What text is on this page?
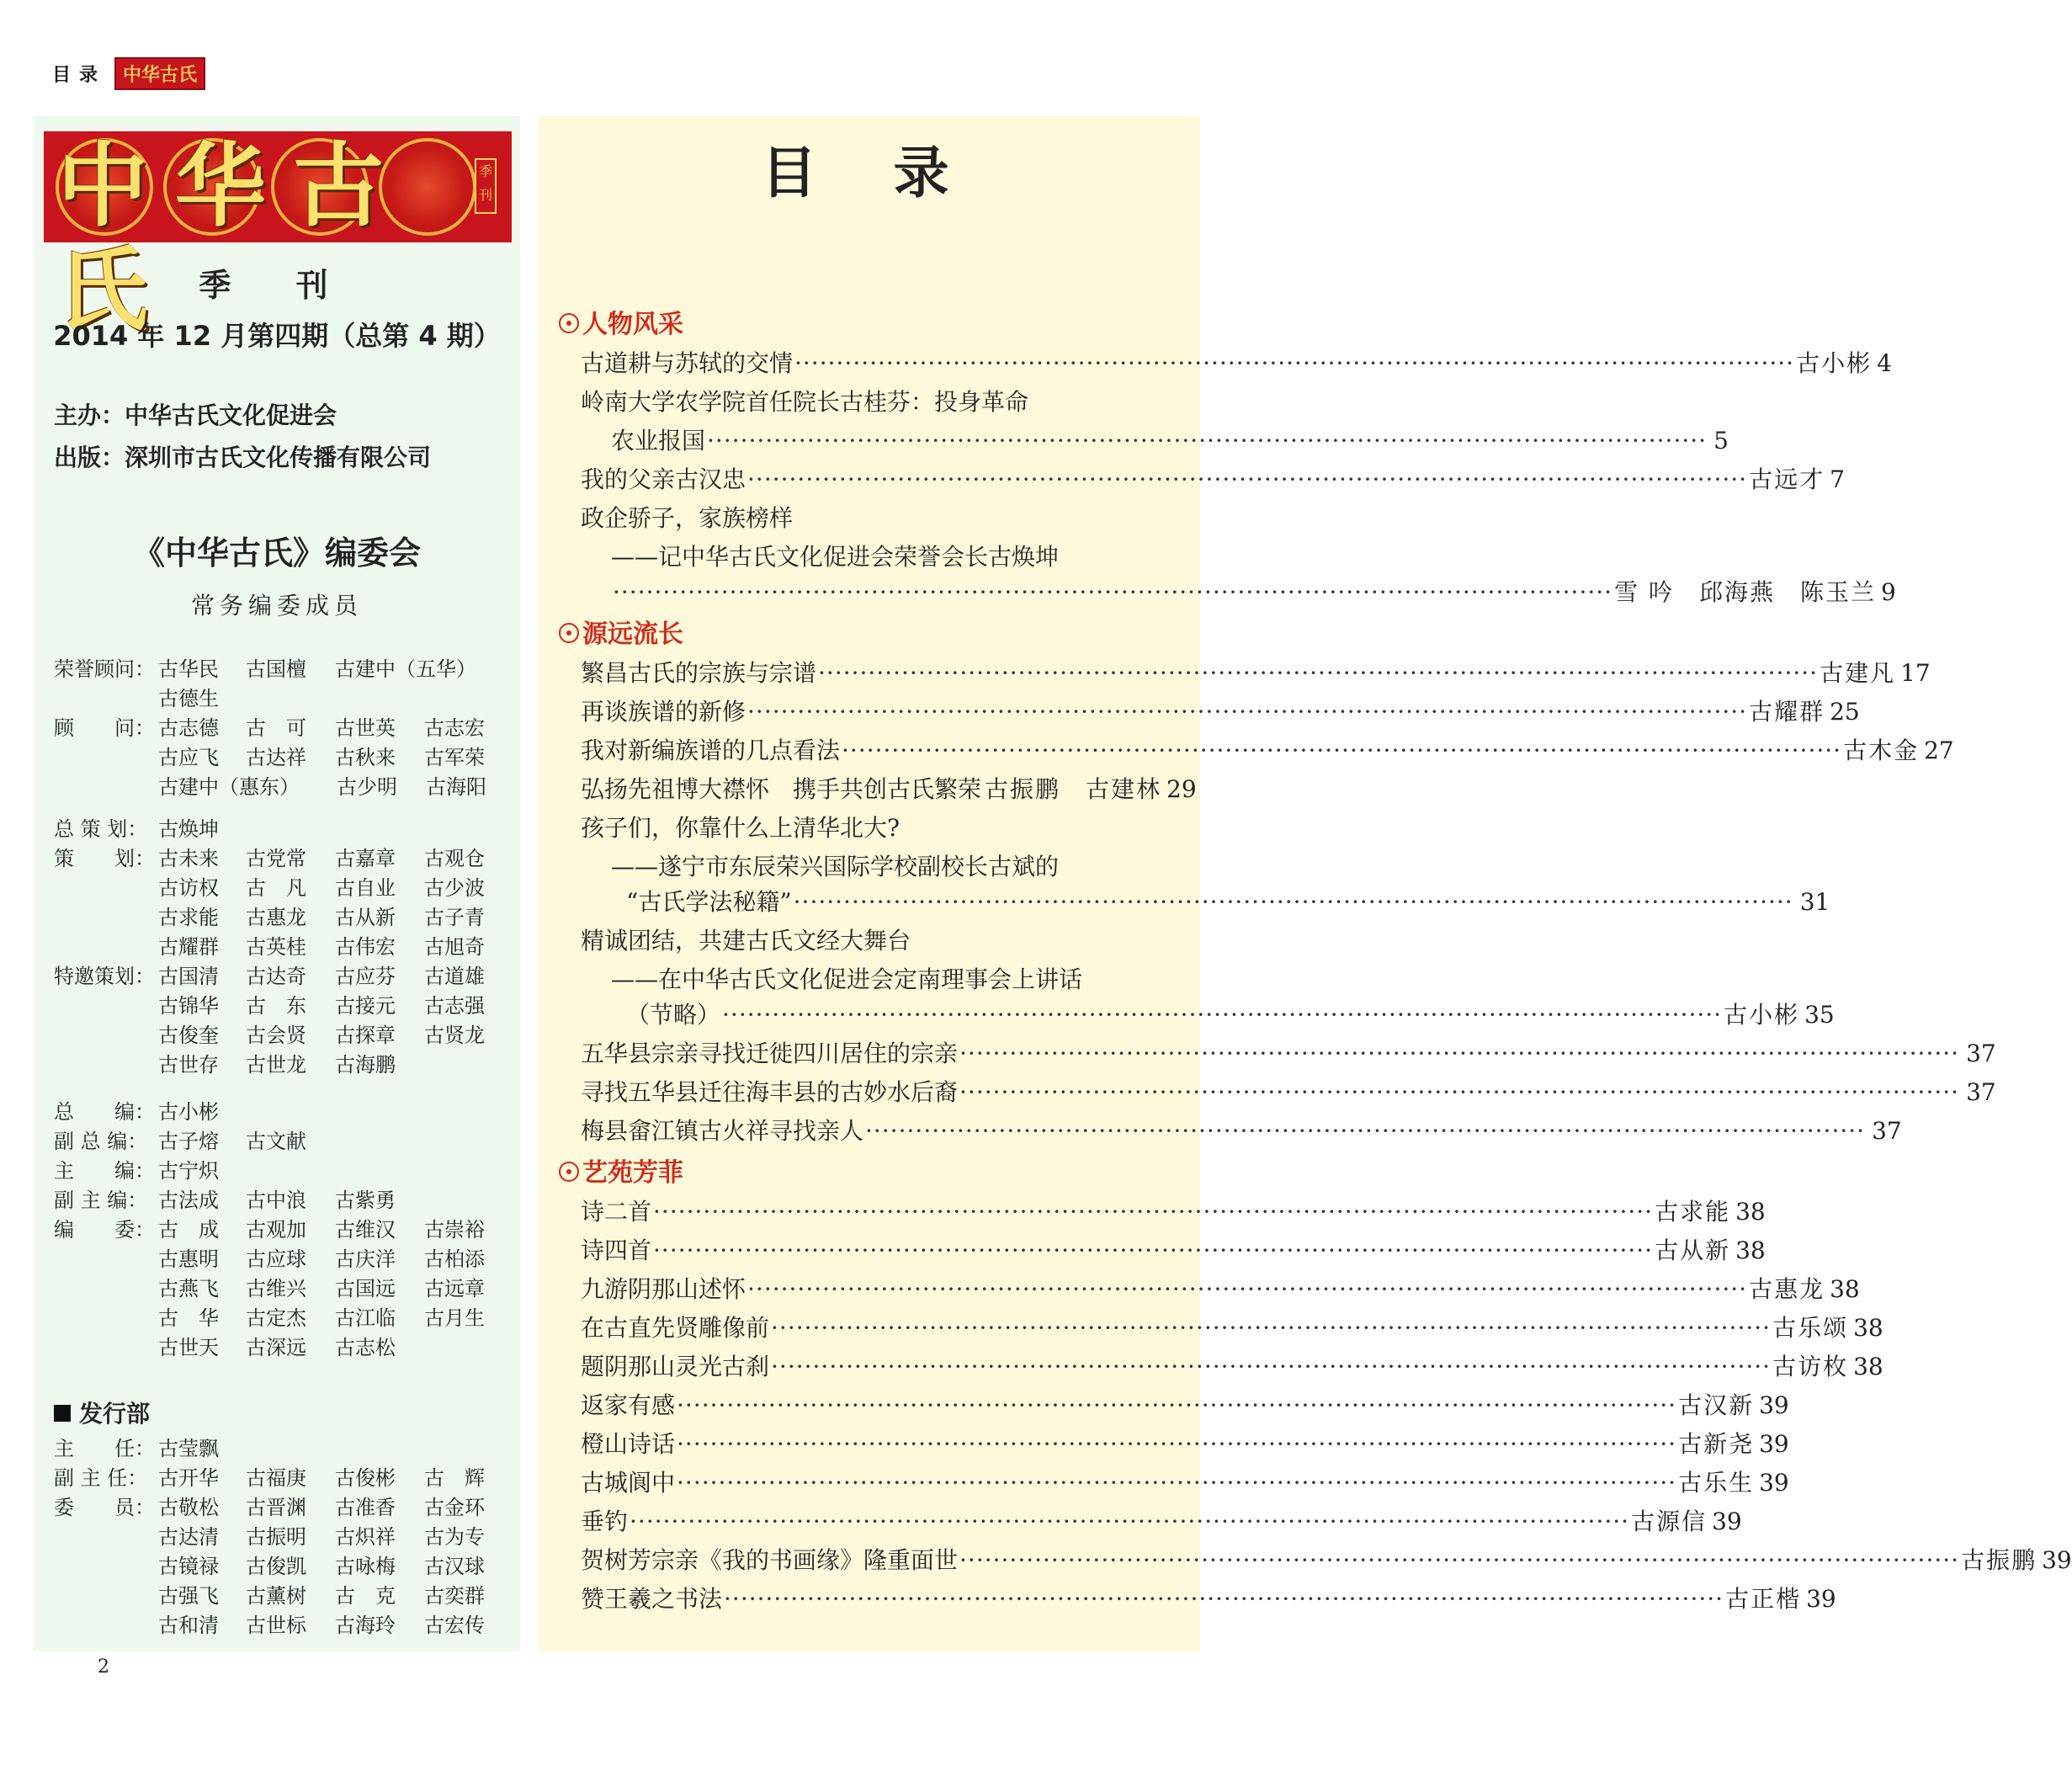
目录 中华古氏
中华古氏
季刊
季 刊
2014 年 12 月第四期（总第 4 期）
主办：中华古氏文化促进会
出版：深圳市古氏文化传播有限公司
《中华古氏》编委会
常务编委成员
荣誉顾问： 古华民	古国檀	古建中（五华）
古德生
顾　　问： 古志德	古　可	古世英	古志宏
古应飞	古达祥	古秋来	古军荣
古建中（惠东）	古少明	古海阳
总 策 划： 古焕坤
策　　划： 古未来	古党常	古嘉章	古观仓
古访权	古　凡	古自业	古少波
古求能	古惠龙	古从新	古子青
古耀群	古英桂	古伟宏	古旭奇
特邀策划： 古国清	古达奇	古应芬	古道雄
古锦华	古　东	古接元	古志强
古俊奎	古会贤	古探章	古贤龙
古世存	古世龙	古海鹏
总　　编： 古小彬
副 总 编： 古子熔	古文献
主　　编： 古宁炽
副 主 编： 古法成	古中浪	古紫勇
编　　委： 古　成	古观加	古维汉	古崇裕
古惠明	古应球	古庆洋	古柏添
古燕飞	古维兴	古国远	古远章
古　华	古定杰	古江临	古月生
古世天	古深远	古志松
发行部
主　　任： 古莹飘
副 主 任： 古开华	古福庚	古俊彬	古　辉
委　　员： 古敬松	古晋渊	古准香	古金环
古达清	古振明	古炽祥	古为专
古镜禄	古俊凯	古咏梅	古汉球
古强飞	古薰树	古　克	古奕群
古和清	古世标	古海玲	古宏传
2
目 录
人物风采
古道耕与苏轼的交情 ·····	古小彬 4
岭南大学农学院首任院长古桂芬：投身革命
农业报国 ·····	5
我的父亲古汉忠 ·····	古远才 7
政企骄子，家族榜样
——记中华古氏文化促进会荣誉会长古焕坤
·····
雪 吟　邱海燕　陈玉兰 9
源远流长
繁昌古氏的宗族与宗谱 ·····	古建凡 17
再谈族谱的新修 ·····	古耀群 25
我对新编族谱的几点看法 ·····	古木金 27
弘扬先祖博大襟怀　携手共创古氏繁荣 古振鹏　古建林 29
孩子们，你靠什么上清华北大?
——遂宁市东辰荣兴国际学校副校长古斌的
“古氏学法秘籍” ·····	31
精诚团结，共建古氏文经大舞台
——在中华古氏文化促进会定南理事会上讲话
（节略） ·····	古小彬 35
五华县宗亲寻找迁徙四川居住的宗亲 ·····	37
寻找五华县迁往海丰县的古妙水后裔 ·····	37
梅县畲江镇古火祥寻找亲人 ·····	37
艺苑芳菲
诗二首 ·····	古求能 38
诗四首 ·····	古从新 38
九游阴那山述怀 ·····	古惠龙 38
在古直先贤雕像前 ·····	古乐颂 38
题阴那山灵光古刹 ·····	古访枚 38
返家有感 ·····	古汉新 39
橙山诗话 ·····	古新尧 39
古城阆中 ·····	古乐生 39
垂钓 ·····	古源信 39
贺树芳宗亲《我的书画缘》隆重面世 ·····	古振鹏 39
赞王羲之书法 ·····	古正楷 39
